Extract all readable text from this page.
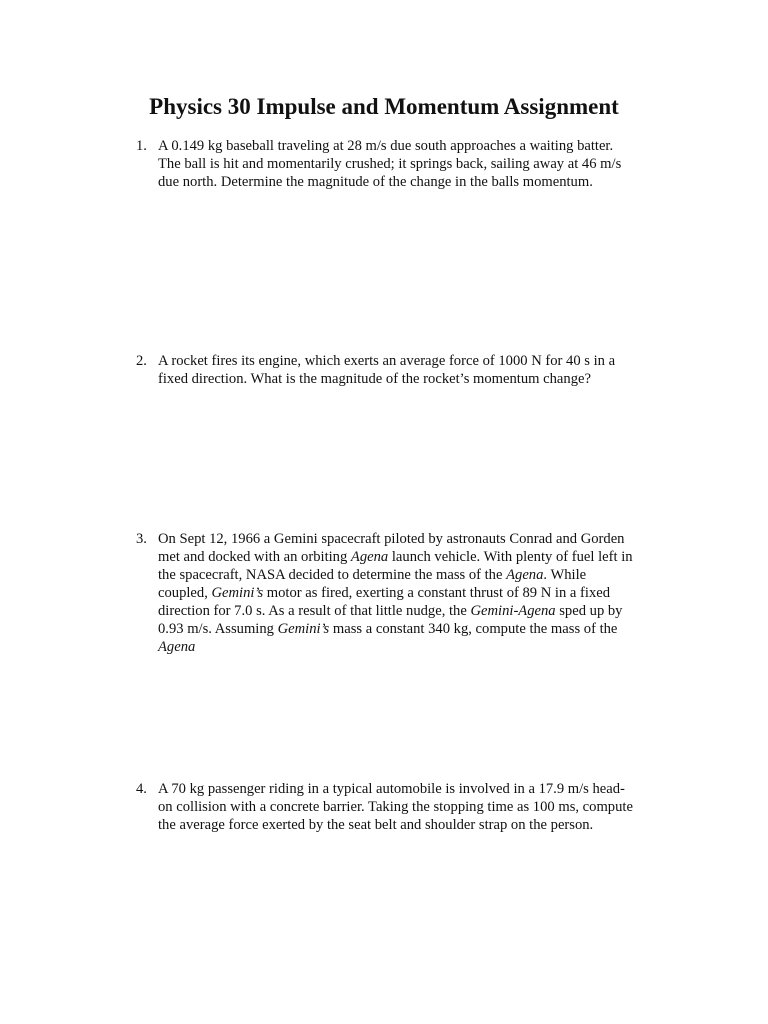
Physics 30 Impulse and Momentum Assignment
1. A 0.149 kg baseball traveling at 28 m/s due south approaches a waiting batter.
The ball is hit and momentarily crushed; it springs back, sailing away at 46 m/s
due north. Determine the magnitude of the change in the balls momentum.
2. A rocket fires its engine, which exerts an average force of 1000 N for 40 s in a
fixed direction. What is the magnitude of the rocket’s momentum change?
3. On Sept 12, 1966 a Gemini spacecraft piloted by astronauts Conrad and Gorden
met and docked with an orbiting Agena launch vehicle. With plenty of fuel left in
the spacecraft, NASA decided to determine the mass of the Agena. While
coupled, Gemini’s motor as fired, exerting a constant thrust of 89 N in a fixed
direction for 7.0 s. As a result of that little nudge, the Gemini-Agena sped up by
0.93 m/s. Assuming Gemini’s mass a constant 340 kg, compute the mass of the
Agena
4. A 70 kg passenger riding in a typical automobile is involved in a 17.9 m/s head-
on collision with a concrete barrier. Taking the stopping time as 100 ms, compute
the average force exerted by the seat belt and shoulder strap on the person.
